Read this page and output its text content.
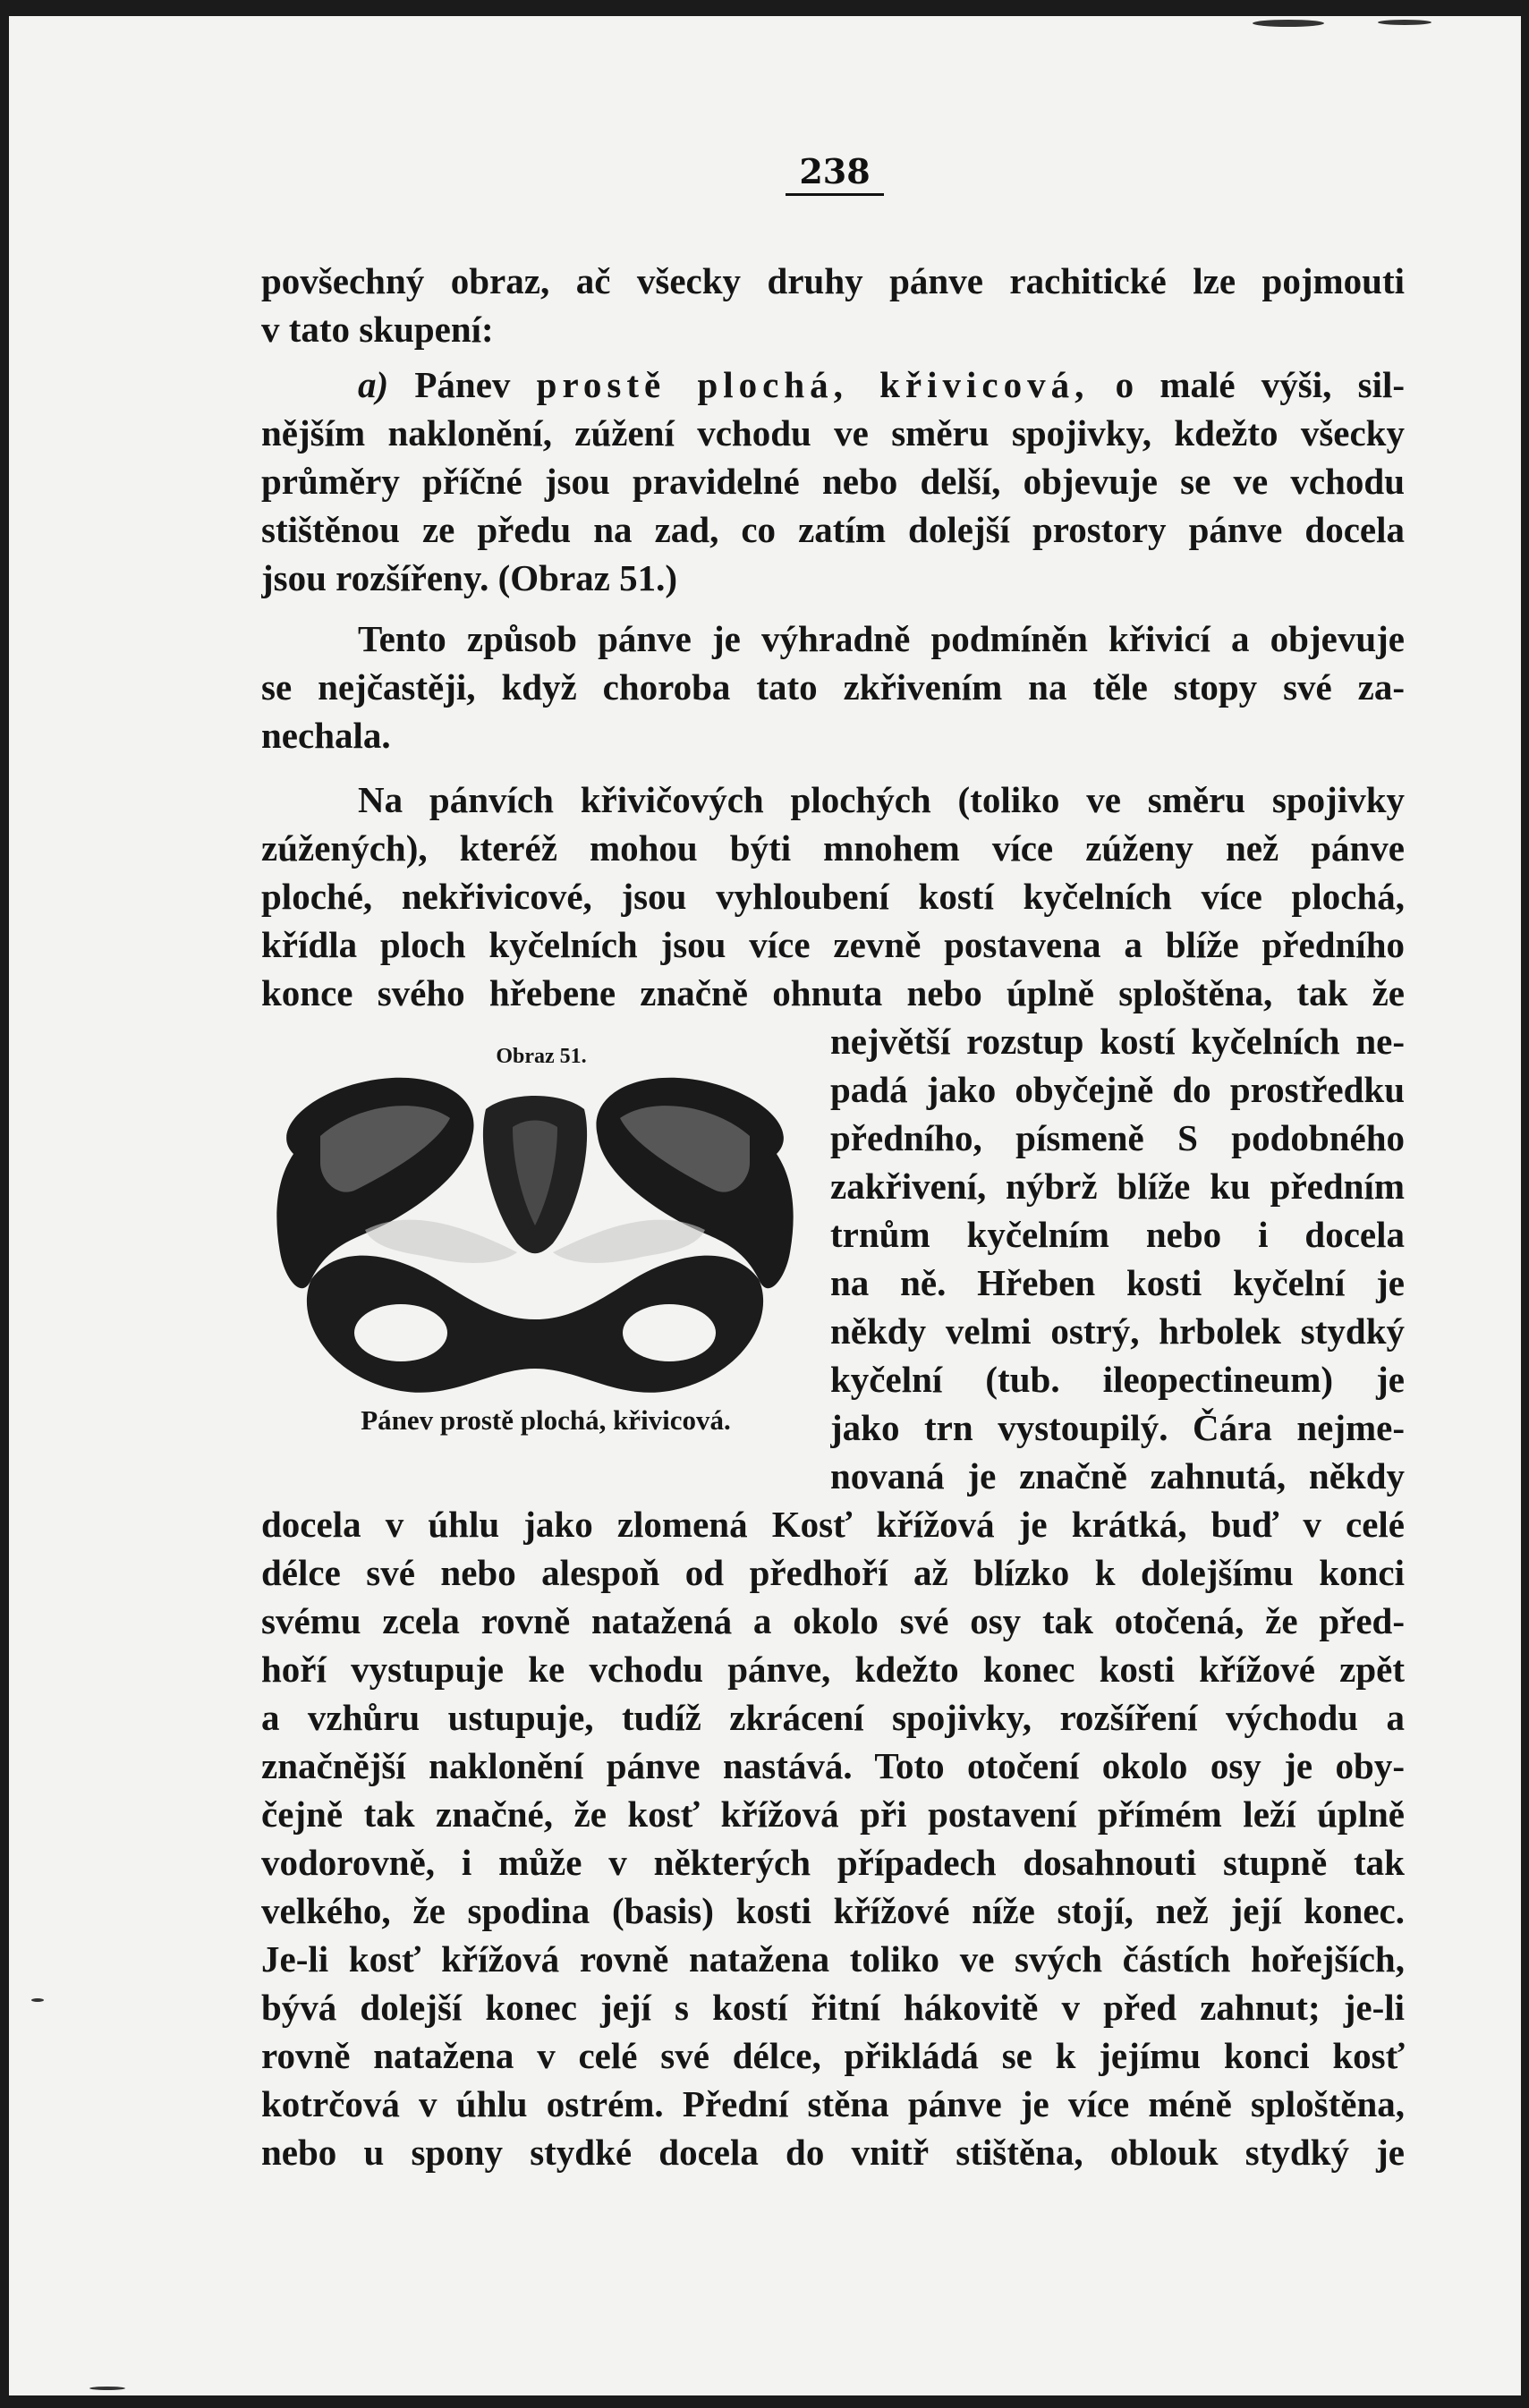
238
povšechný obraz, ač všecky druhy pánve rachitické lze pojmouti
v tato skupení:
a) Pánev prostě plochá, křivicová, o malé výši, sil-
nějším naklonění, zúžení vchodu ve směru spojivky, kdežto všecky
průměry příčné jsou pravidelné nebo delší, objevuje se ve vchodu
stištěnou ze předu na zad, co zatím dolejší prostory pánve docela
jsou rozšířeny. (Obraz 51.)
Tento způsob pánve je výhradně podmíněn křivicí a objevuje
se nejčastěji, když choroba tato zkřivením na těle stopy své za-
nechala.
Na pánvích křivičových plochých (toliko ve směru spojivky
zúžených), kteréž mohou býti mnohem více zúženy než pánve
ploché, nekřivicové, jsou vyhloubení kostí kyčelních více plochá,
křídla ploch kyčelních jsou více zevně postavena a blíže předního
konce svého hřebene značně ohnuta nebo úplně sploštěna, tak že
největší rozstup kostí kyčelních ne-
padá jako obyčejně do prostředku
předního, písmeně S podobného
zakřivení, nýbrž blíže ku předním
trnům kyčelním nebo i docela
na ně. Hřeben kosti kyčelní je
někdy velmi ostrý, hrbolek stydký
kyčelní (tub. ileopectineum) je
jako trn vystoupilý. Čára nejme-
novaná je značně zahnutá, někdy
docela v úhlu jako zlomená Kosť křížová je krátká, buď v celé
délce své nebo alespoň od předhoří až blízko k dolejšímu konci
svému zcela rovně natažená a okolo své osy tak otočená, že před-
hoří vystupuje ke vchodu pánve, kdežto konec kosti křížové zpět
a vzhůru ustupuje, tudíž zkrácení spojivky, rozšíření východu a
značnější naklonění pánve nastává. Toto otočení okolo osy je oby-
čejně tak značné, že kosť křížová při postavení přímém leží úplně
vodorovně, i může v některých případech dosahnouti stupně tak
velkého, že spodina (basis) kosti křížové níže stojí, než její konec.
Je-li kosť křížová rovně natažena toliko ve svých částích hořejších,
bývá dolejší konec její s kostí řitní hákovitě v před zahnut; je-li
rovně natažena v celé své délce, přikládá se k jejímu konci kosť
kotrčová v úhlu ostrém. Přední stěna pánve je více méně sploštěna,
nebo u spony stydké docela do vnitř stištěna, oblouk stydký je
Obraz 51.
Pánev prostě plochá, křivicová.
